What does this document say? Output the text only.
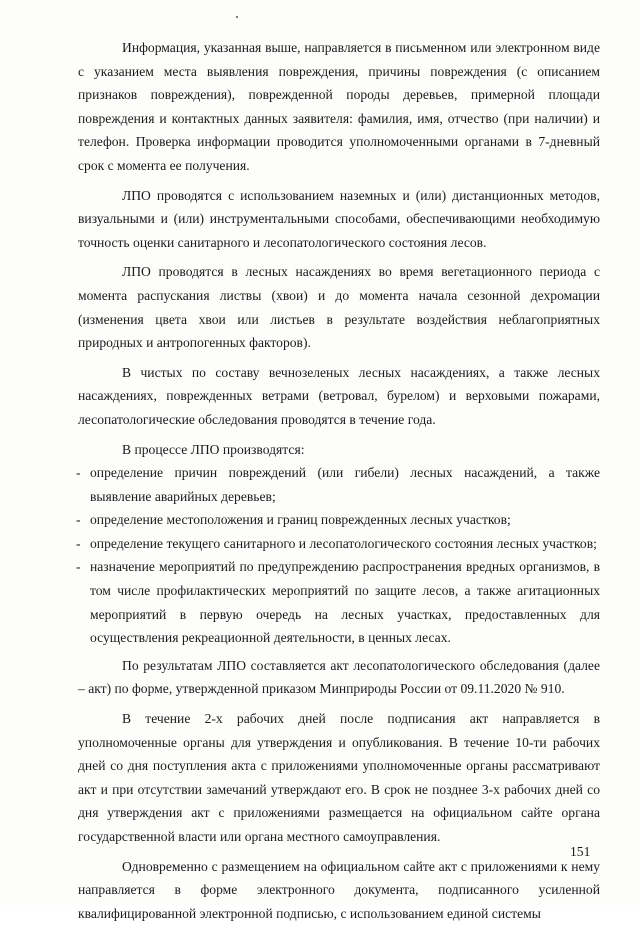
Информация, указанная выше, направляется в письменном или электронном виде с указанием места выявления повреждения, причины повреждения (с описанием признаков повреждения), поврежденной породы деревьев, примерной площади повреждения и контактных данных заявителя: фамилия, имя, отчество (при наличии) и телефон. Проверка информации проводится уполномоченными органами в 7-дневный срок с момента ее получения.

ЛПО проводятся с использованием наземных и (или) дистанционных методов, визуальными и (или) инструментальными способами, обеспечивающими необходимую точность оценки санитарного и лесопатологического состояния лесов.

ЛПО проводятся в лесных насаждениях во время вегетационного периода с момента распускания листвы (хвои) и до момента начала сезонной дехромации (изменения цвета хвои или листьев в результате воздействия неблагоприятных природных и антропогенных факторов).

В чистых по составу вечнозеленых лесных насаждениях, а также лесных насаждениях, поврежденных ветрами (ветровал, бурелом) и верховыми пожарами, лесопатологические обследования проводятся в течение года.

В процессе ЛПО производятся:

- определение причин повреждений (или гибели) лесных насаждений, а также выявление аварийных деревьев;
- определение местоположения и границ поврежденных лесных участков;
- определение текущего санитарного и лесопатологического состояния лесных участков;
- назначение мероприятий по предупреждению распространения вредных организмов, в том числе профилактических мероприятий по защите лесов, а также агитационных мероприятий в первую очередь на лесных участках, предоставленных для осуществления рекреационной деятельности, в ценных лесах.

По результатам ЛПО составляется акт лесопатологического обследования (далее – акт) по форме, утвержденной приказом Минприроды России от 09.11.2020 № 910.

В течение 2-х рабочих дней после подписания акт направляется в уполномоченные органы для утверждения и опубликования. В течение 10-ти рабочих дней со дня поступления акта с приложениями уполномоченные органы рассматривают акт и при отсутствии замечаний утверждают его. В срок не позднее 3-х рабочих дней со дня утверждения акт с приложениями размещается на официальном сайте органа государственной власти или органа местного самоуправления.

Одновременно с размещением на официальном сайте акт с приложениями к нему направляется в форме электронного документа, подписанного усиленной квалифицированной электронной подписью, с использованием единой системы

151
